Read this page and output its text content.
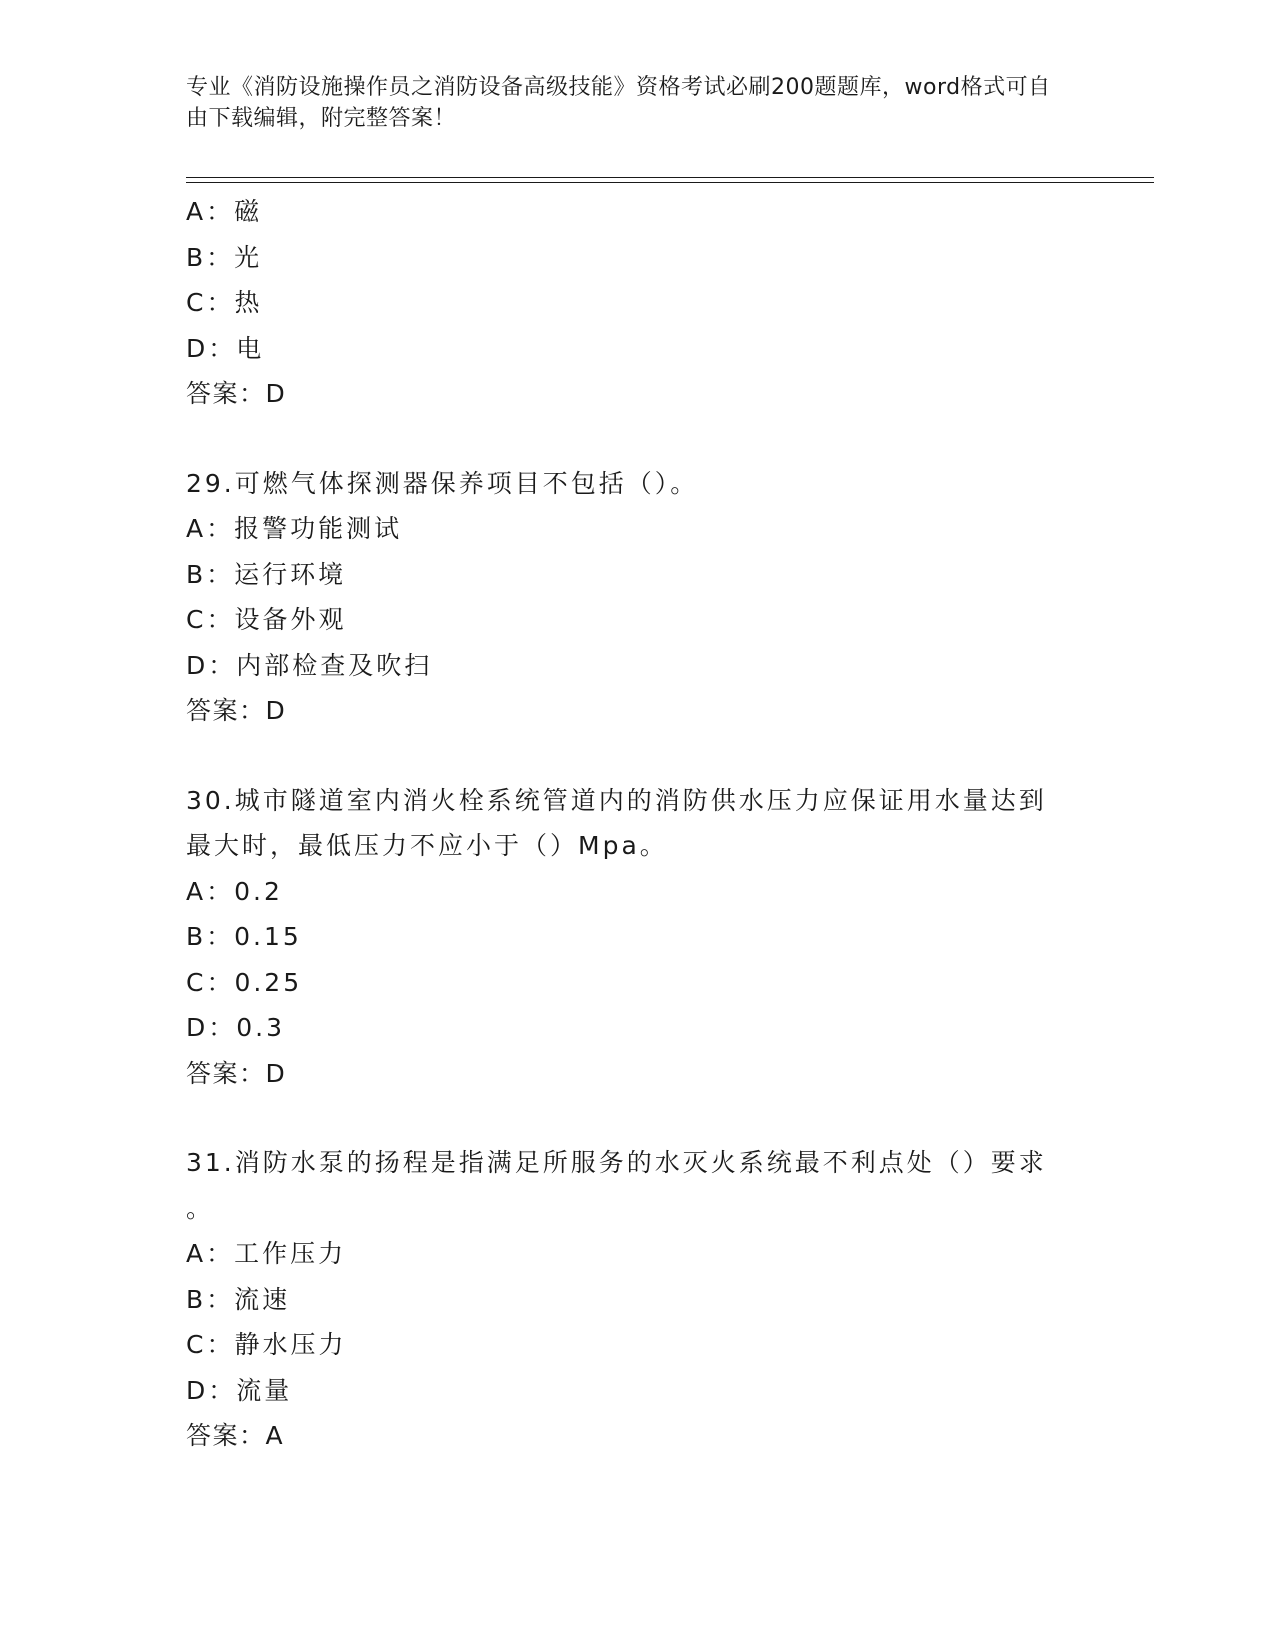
专业《消防设施操作员之消防设备高级技能》资格考试必刷200题题库，word格式可自由下载编辑，附完整答案！

A：磁
B：光
C：热
D：电
答案：D
29.可燃气体探测器保养项目不包括（）。
A：报警功能测试
B：运行环境
C：设备外观
D：内部检查及吹扫
答案：D
30.城市隧道室内消火栓系统管道内的消防供水压力应保证用水量达到
最大时，最低压力不应小于（）Mpa。
A：0.2
B：0.15
C：0.25
D：0.3
答案：D
31.消防水泵的扬程是指满足所服务的水灭火系统最不利点处（）要求
。
A：工作压力
B：流速
C：静水压力
D：流量
答案：A
